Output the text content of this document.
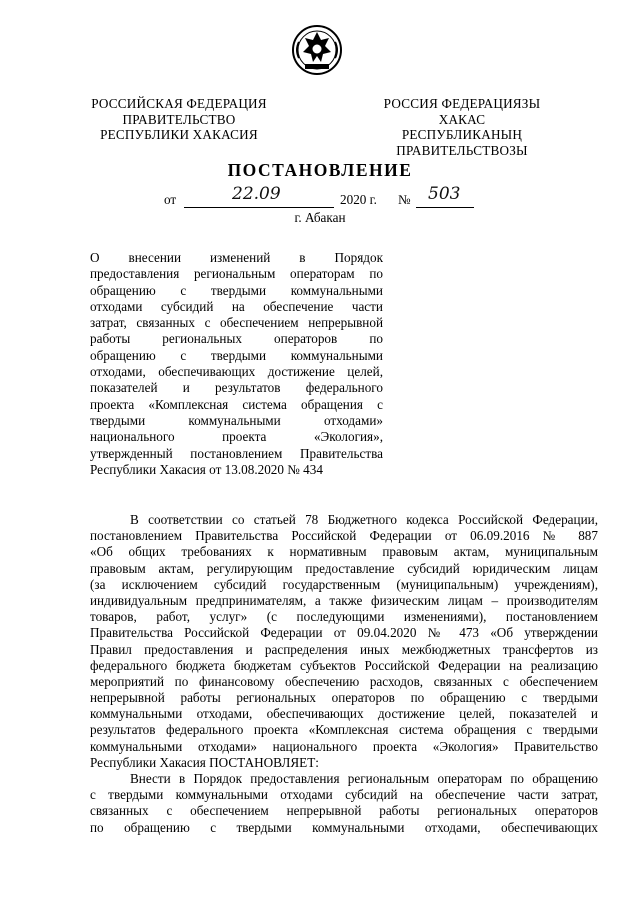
РОССИЙСКАЯ ФЕДЕРАЦИЯ
ПРАВИТЕЛЬСТВО
РЕСПУБЛИКИ ХАКАСИЯ
РОССИЯ ФЕДЕРАЦИЯЗЫ
ХАКАС РЕСПУБЛИКАНЫҢ
ПРАВИТЕЛЬСТВОЗЫ
ПОСТАНОВЛЕНИЕ
от	22.09	2020 г. № 503
г. Абакан
О внесении изменений в Порядок
предоставления региональным операторам по
обращению с твердыми коммунальными
отходами субсидий на обеспечение части
затрат, связанных с обеспечением непрерывной
работы региональных операторов по
обращению с твердыми коммунальными
отходами, обеспечивающих достижение целей,
показателей и результатов федерального
проекта «Комплексная система обращения с
твердыми коммунальными отходами»
национального проекта «Экология»,
утвержденный постановлением Правительства
Республики Хакасия от 13.08.2020 № 434
В соответствии со статьей 78 Бюджетного кодекса Российской Федерации,
постановлением Правительства Российской Федерации от 06.09.2016 № 887
«Об общих требованиях к нормативным правовым актам, муниципальным
правовым актам, регулирующим предоставление субсидий юридическим лицам
(за исключением субсидий государственным (муниципальным) учреждениям),
индивидуальным предпринимателям, а также физическим лицам – производителям
товаров, работ, услуг» (с последующими изменениями), постановлением
Правительства Российской Федерации от 09.04.2020 № 473 «Об утверждении
Правил предоставления и распределения иных межбюджетных трансфертов из
федерального бюджета бюджетам субъектов Российской Федерации на реализацию
мероприятий по финансовому обеспечению расходов, связанных с обеспечением
непрерывной работы региональных операторов по обращению с твердыми
коммунальными отходами, обеспечивающих достижение целей, показателей и
результатов федерального проекта «Комплексная система обращения с твердыми
коммунальными отходами» национального проекта «Экология» Правительство
Республики Хакасия ПОСТАНОВЛЯЕТ:
Внести в Порядок предоставления региональным операторам по обращению
с твердыми коммунальными отходами субсидий на обеспечение части затрат,
связанных с обеспечением непрерывной работы региональных операторов
по обращению с твердыми коммунальными отходами, обеспечивающих
